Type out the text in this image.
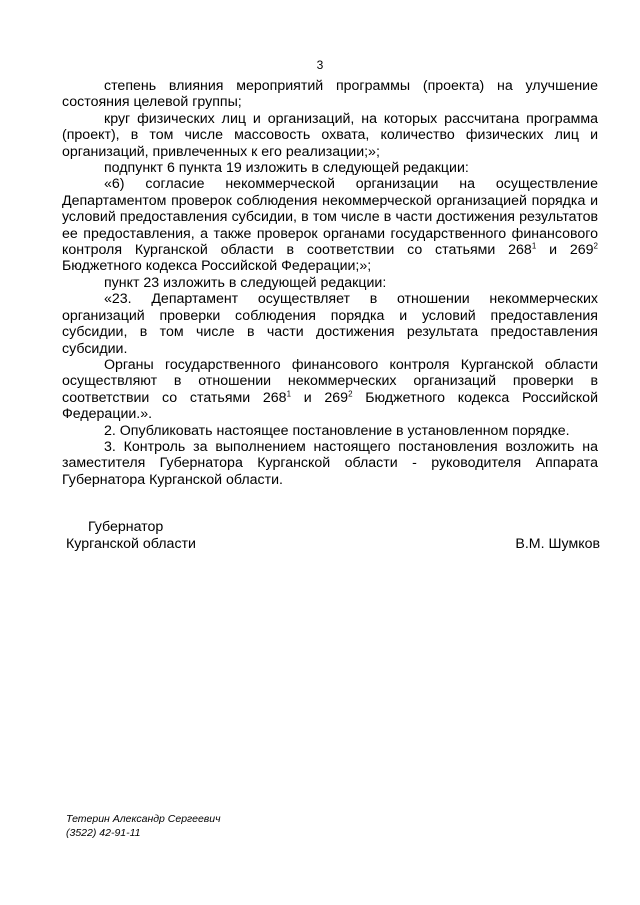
3

степень влияния мероприятий программы (проекта) на улучшение состояния целевой группы;

круг физических лиц и организаций, на которых рассчитана программа (проект), в том числе массовость охвата, количество физических лиц и организаций, привлеченных к его реализации;»;

подпункт 6 пункта 19 изложить в следующей редакции:

«6) согласие некоммерческой организации на осуществление Департаментом проверок соблюдения некоммерческой организацией порядка и условий предоставления субсидии, в том числе в части достижения результатов ее предоставления, а также проверок органами государственного финансового контроля Курганской области в соответствии со статьями $268^1$ и $269^2$ Бюджетного кодекса Российской Федерации;»;

пункт 23 изложить в следующей редакции:

«23. Департамент осуществляет в отношении некоммерческих организаций проверки соблюдения порядка и условий предоставления субсидии, в том числе в части достижения результата предоставления субсидии.

Органы государственного финансового контроля Курганской области осуществляют в отношении некоммерческих организаций проверки в соответствии со статьями $268^1$ и $269^2$ Бюджетного кодекса Российской Федерации.».

2. Опубликовать настоящее постановление в установленном порядке.

3. Контроль за выполнением настоящего постановления возложить на заместителя Губернатора Курганской области - руководителя Аппарата Губернатора Курганской области.

Губернатор
Курганской области	В.М. Шумков
Тетерин Александр Сергеевич
(3522) 42-91-11
